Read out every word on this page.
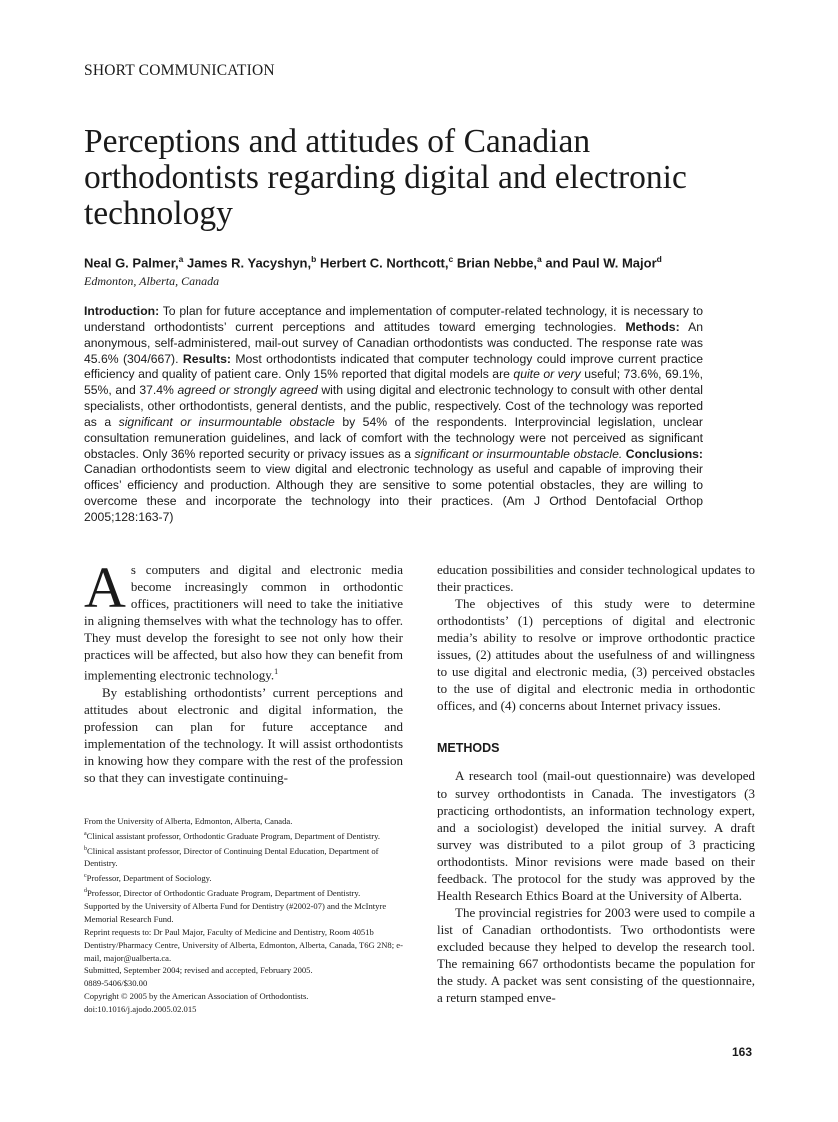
SHORT COMMUNICATION
Perceptions and attitudes of Canadian orthodontists regarding digital and electronic technology
Neal G. Palmer,$^a$ James R. Yacyshyn,$^b$ Herbert C. Northcott,$^c$ Brian Nebbe,$^a$ and Paul W. Major$^d$
Edmonton, Alberta, Canada

Introduction: To plan for future acceptance and implementation of computer-related technology, it is necessary to understand orthodontists’ current perceptions and attitudes toward emerging technologies. Methods: An anonymous, self-administered, mail-out survey of Canadian orthodontists was conducted. The response rate was 45.6% (304/667). Results: Most orthodontists indicated that computer technology could improve current practice efficiency and quality of patient care. Only 15% reported that digital models are quite or very useful; 73.6%, 69.1%, 55%, and 37.4% agreed or strongly agreed with using digital and electronic technology to consult with other dental specialists, other orthodontists, general dentists, and the public, respectively. Cost of the technology was reported as a significant or insurmountable obstacle by 54% of the respondents. Interprovincial legislation, unclear consultation remuneration guidelines, and lack of comfort with the technology were not perceived as significant obstacles. Only 36% reported security or privacy issues as a significant or insurmountable obstacle. Conclusions: Canadian orthodontists seem to view digital and electronic technology as useful and capable of improving their offices’ efficiency and production. Although they are sensitive to some potential obstacles, they are willing to overcome these and incorporate the technology into their practices. (Am J Orthod Dentofacial Orthop 2005;128:163-7)

As computers and digital and electronic media become increasingly common in orthodontic offices, practitioners will need to take the initiative in aligning themselves with what the technology has to offer. They must develop the foresight to see not only how their practices will be affected, but also how they can benefit from implementing electronic technology.$^1$

By establishing orthodontists’ current perceptions and attitudes about electronic and digital information, the profession can plan for future acceptance and implementation of the technology. It will assist orthodontists in knowing how they compare with the rest of the profession so that they can investigate continuing-

From the University of Alberta, Edmonton, Alberta, Canada.
$^a$Clinical assistant professor, Orthodontic Graduate Program, Department of Dentistry.
$^b$Clinical assistant professor, Director of Continuing Dental Education, Department of Dentistry.
$^c$Professor, Department of Sociology.
$^d$Professor, Director of Orthodontic Graduate Program, Department of Dentistry.
Supported by the University of Alberta Fund for Dentistry (#2002-07) and the McIntyre Memorial Research Fund.
Reprint requests to: Dr Paul Major, Faculty of Medicine and Dentistry, Room 4051b Dentistry/Pharmacy Centre, University of Alberta, Edmonton, Alberta, Canada, T6G 2N8; e-mail, major@ualberta.ca.
Submitted, September 2004; revised and accepted, February 2005.
0889-5406/$30.00
Copyright © 2005 by the American Association of Orthodontists.
doi:10.1016/j.ajodo.2005.02.015

education possibilities and consider technological updates to their practices.

The objectives of this study were to determine orthodontists’ (1) perceptions of digital and electronic media’s ability to resolve or improve orthodontic practice issues, (2) attitudes about the usefulness of and willingness to use digital and electronic media, (3) perceived obstacles to the use of digital and electronic media in orthodontic offices, and (4) concerns about Internet privacy issues.

METHODS

A research tool (mail-out questionnaire) was developed to survey orthodontists in Canada. The investigators (3 practicing orthodontists, an information technology expert, and a sociologist) developed the initial survey. A draft survey was distributed to a pilot group of 3 practicing orthodontists. Minor revisions were made based on their feedback. The protocol for the study was approved by the Health Research Ethics Board at the University of Alberta.

The provincial registries for 2003 were used to compile a list of Canadian orthodontists. Two orthodontists were excluded because they helped to develop the research tool. The remaining 667 orthodontists became the population for the study. A packet was sent consisting of the questionnaire, a return stamped enve-

163
